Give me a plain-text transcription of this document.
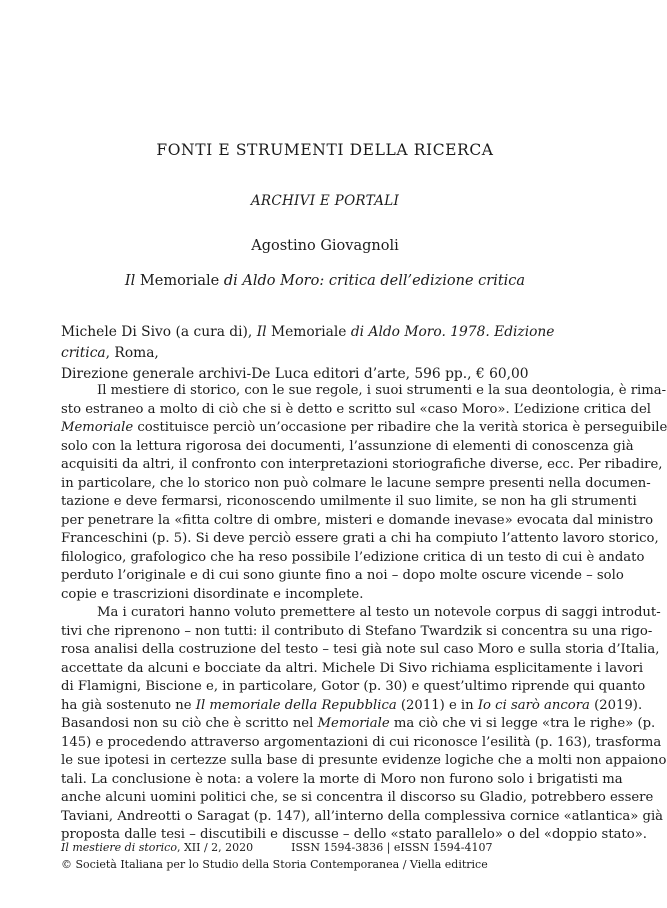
FONTI E STRUMENTI DELLA RICERCA
ARCHIVI E PORTALI
Agostino Giovagnoli
Il Memoriale di Aldo Moro: critica dell’edizione critica
Michele Di Sivo (a cura di), Il Memoriale di Aldo Moro. 1978. Edizione critica, Roma,
Direzione generale archivi-De Luca editori d’arte, 596 pp., € 60,00
Il mestiere di storico, con le sue regole, i suoi strumenti e la sua deontologia, è rima-
sto estraneo a molto di ciò che si è detto e scritto sul «caso Moro». L’edizione critica del
Memoriale costituisce perciò un’occasione per ribadire che la verità storica è perseguibile
solo con la lettura rigorosa dei documenti, l’assunzione di elementi di conoscenza già
acquisiti da altri, il confronto con interpretazioni storiografiche diverse, ecc. Per ribadire,
in particolare, che lo storico non può colmare le lacune sempre presenti nella documen-
tazione e deve fermarsi, riconoscendo umilmente il suo limite, se non ha gli strumenti
per penetrare la «fitta coltre di ombre, misteri e domande inevase» evocata dal ministro
Franceschini (p. 5). Si deve perciò essere grati a chi ha compiuto l’attento lavoro storico,
filologico, grafologico che ha reso possibile l’edizione critica di un testo di cui è andato
perduto l’originale e di cui sono giunte fino a noi – dopo molte oscure vicende – solo
copie e trascrizioni disordinate e incomplete.
Ma i curatori hanno voluto premettere al testo un notevole corpus di saggi introdut-
tivi che riprenono – non tutti: il contributo di Stefano Twardzik si concentra su una rigo-
rosa analisi della costruzione del testo – tesi già note sul caso Moro e sulla storia d’Italia,
accettate da alcuni e bocciate da altri. Michele Di Sivo richiama esplicitamente i lavori
di Flamigni, Biscione e, in particolare, Gotor (p. 30) e quest’ultimo riprende qui quanto
ha già sostenuto ne Il memoriale della Repubblica (2011) e in Io ci sarò ancora (2019).
Basandosi non su ciò che è scritto nel Memoriale ma ciò che vi si legge «tra le righe» (p.
145) e procedendo attraverso argomentazioni di cui riconosce l’esilità (p. 163), trasforma
le sue ipotesi in certezze sulla base di presunte evidenze logiche che a molti non appaiono
tali. La conclusione è nota: a volere la morte di Moro non furono solo i brigatisti ma
anche alcuni uomini politici che, se si concentra il discorso su Gladio, potrebbero essere
Taviani, Andreotti o Saragat (p. 147), all’interno della complessiva cornice «atlantica» già
proposta dalle tesi – discutibili e discusse – dello «stato parallelo» o del «doppio stato».
Il mestiere di storico, XII / 2, 2020	ISSN 1594-3836 | eISSN 1594-4107
© Società Italiana per lo Studio della Storia Contemporanea / Viella editrice
